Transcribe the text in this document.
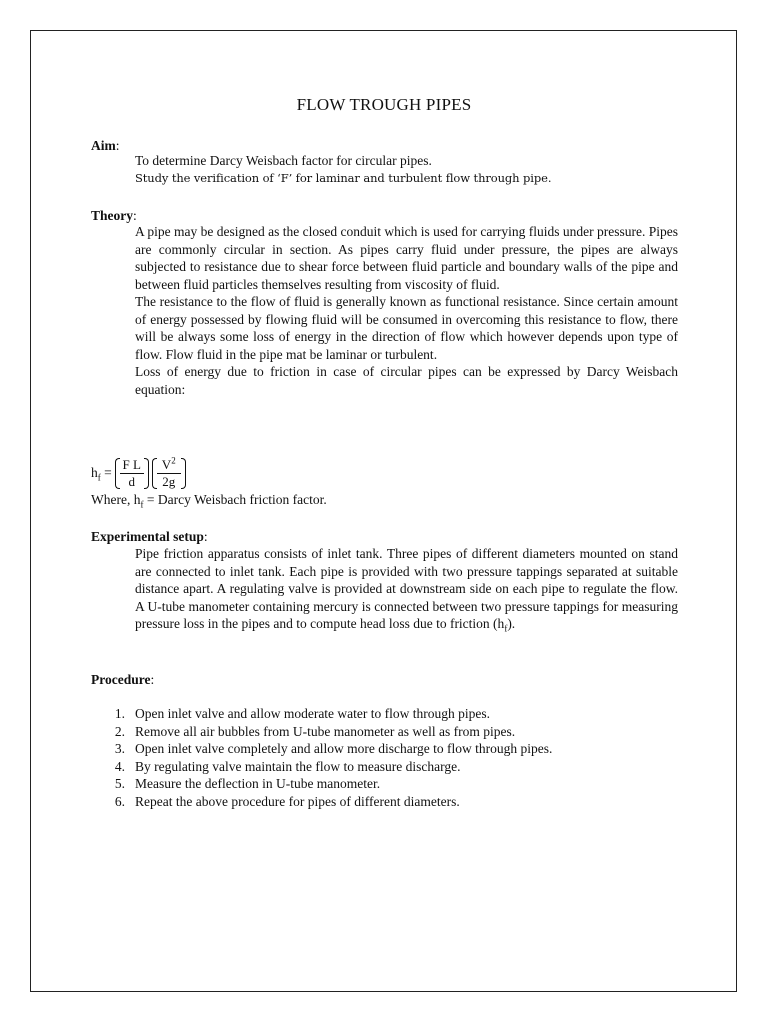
FLOW TROUGH PIPES
Aim:

To determine Darcy Weisbach factor for circular pipes.

Study the verification of ‘F’ for laminar and turbulent flow through pipe.

Theory:

A pipe may be designed as the closed conduit which is used for carrying fluids under pressure. Pipes are commonly circular in section. As pipes carry fluid under pressure, the pipes are always subjected to resistance due to shear force between fluid particle and boundary walls of the pipe and between fluid particles themselves resulting from viscosity of fluid.

The resistance to the flow of fluid is generally known as functional resistance. Since certain amount of energy possessed by flowing fluid will be consumed in overcoming this resistance to flow, there will be always some loss of energy in the direction of flow which however depends upon type of flow. Flow fluid in the pipe mat be laminar or turbulent.

Loss of energy due to friction in case of circular pipes can be expressed by Darcy Weisbach equation:

$h_f = \frac{\text{F L}}{d} \frac{V^2}{2g}$
Where, $h_f$ = Darcy Weisbach friction factor.
Experimental setup:

Pipe friction apparatus consists of inlet tank. Three pipes of different diameters mounted on stand are connected to inlet tank. Each pipe is provided with two pressure tappings separated at suitable distance apart. A regulating valve is provided at downstream side on each pipe to regulate the flow. A U-tube manometer containing mercury is connected between two pressure tappings for measuring pressure loss in the pipes and to compute head loss due to friction $(h_f)$.

Procedure:
1. Open inlet valve and allow moderate water to flow through pipes.
2. Remove all air bubbles from U-tube manometer as well as from pipes.
3. Open inlet valve completely and allow more discharge to flow through pipes.
4. By regulating valve maintain the flow to measure discharge.
5. Measure the deflection in U-tube manometer.
6. Repeat the above procedure for pipes of different diameters.
